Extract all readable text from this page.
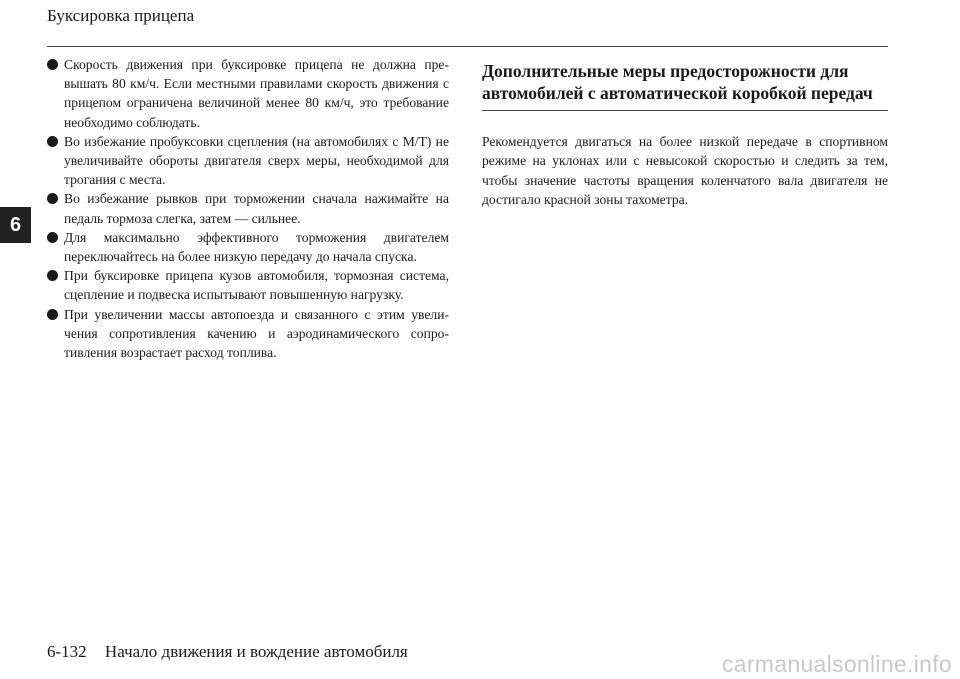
Буксировка прицепа
6
Скорость движения при буксировке прицепа не должна превышать 80 км/ч. Если местными правилами скорость движения с прицепом ограничена величиной менее 80 км/ч, это требование необходимо соблюдать.
Во избежание пробуксовки сцепления (на автомобилях с M/T) не увеличивайте обороты двигателя сверх меры, необходимой для трогания с места.
Во избежание рывков при торможении сначала нажимайте на педаль тормоза слегка, затем — сильнее.
Для максимально эффективного торможения двигателем переключайтесь на более низкую передачу до начала спуска.
При буксировке прицепа кузов автомобиля, тормозная система, сцепление и подвеска испытывают повышенную нагрузку.
При увеличении массы автопоезда и связанного с этим увеличения сопротивления качению и аэродинамического сопротивления возрастает расход топлива.
Дополнительные меры предосторожности для автомобилей с автоматической коробкой передач

Рекомендуется двигаться на более низкой передаче в спортивном режиме на уклонах или с невысокой скоростью и следить за тем, чтобы значение частоты вращения коленчатого вала двигателя не достигало красной зоны тахометра.

6-132 Начало движения и вождение автомобиля	carmanualsonline.info
